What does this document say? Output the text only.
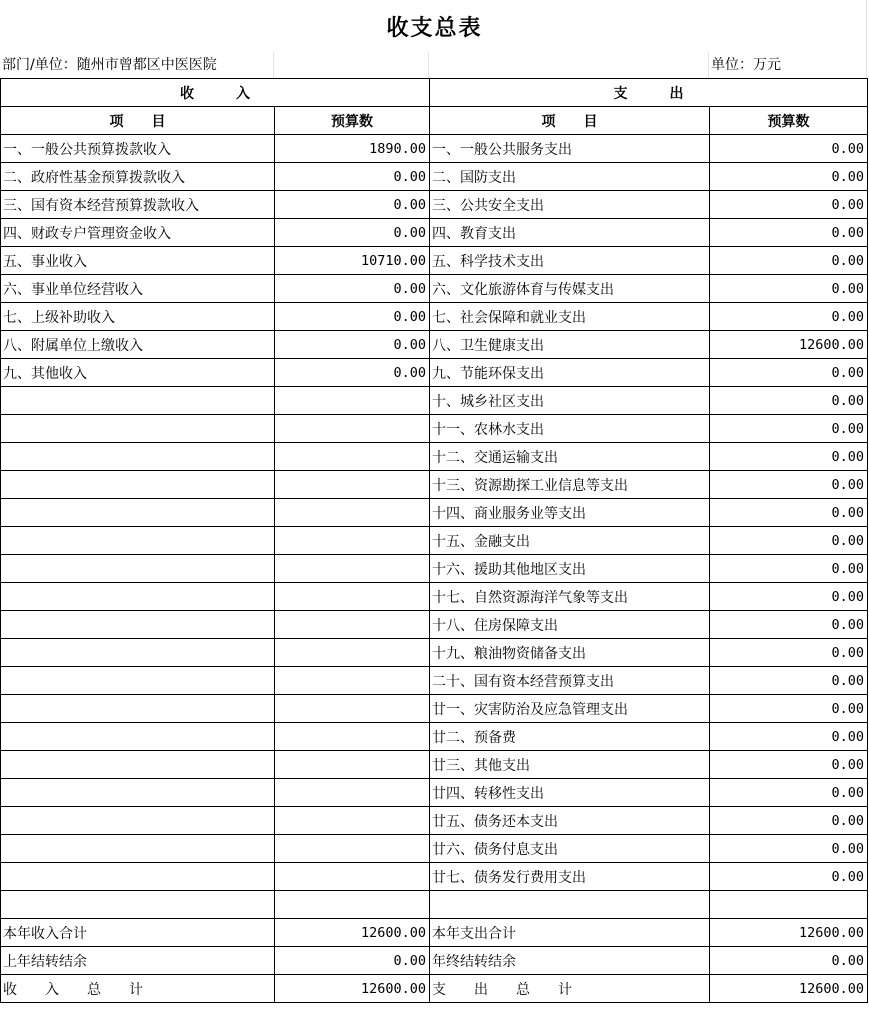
收支总表
部门/单位：随州市曾都区中医医院	单位：万元
收　　　入		支　　　出	
项　　目	预算数	项　　目	预算数
一、一般公共预算拨款收入	1890.00	一、一般公共服务支出	0.00
二、政府性基金预算拨款收入	0.00	二、国防支出	0.00
三、国有资本经营预算拨款收入	0.00	三、公共安全支出	0.00
四、财政专户管理资金收入	0.00	四、教育支出	0.00
五、事业收入	10710.00	五、科学技术支出	0.00
六、事业单位经营收入	0.00	六、文化旅游体育与传媒支出	0.00
七、上级补助收入	0.00	七、社会保障和就业支出	0.00
八、附属单位上缴收入	0.00	八、卫生健康支出	12600.00
九、其他收入	0.00	九、节能环保支出	0.00
		十、城乡社区支出	0.00
		十一、农林水支出	0.00
		十二、交通运输支出	0.00
		十三、资源勘探工业信息等支出	0.00
		十四、商业服务业等支出	0.00
		十五、金融支出	0.00
		十六、援助其他地区支出	0.00
		十七、自然资源海洋气象等支出	0.00
		十八、住房保障支出	0.00
		十九、粮油物资储备支出	0.00
		二十、国有资本经营预算支出	0.00
		廿一、灾害防治及应急管理支出	0.00
		廿二、预备费	0.00
		廿三、其他支出	0.00
		廿四、转移性支出	0.00
		廿五、债务还本支出	0.00
		廿六、债务付息支出	0.00
		廿七、债务发行费用支出	0.00

本年收入合计	12600.00	本年支出合计	12600.00
上年结转结余	0.00	年终结转结余	0.00
收　　入　　总　　计	12600.00	支　　出　　总　　计	12600.00
